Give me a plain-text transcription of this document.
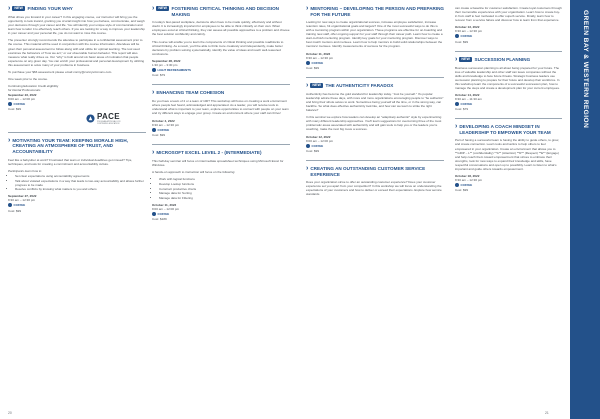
›	NEW FINDING YOUR WHY

What drives you forward in your career? In this engaging course, our instructor will bring you the opportunity to look inward, granting you crucial insight into how you behave, communicate, and weigh your decisions through your career and life. You will identify your unique style of communication and learn how to tailor it to effectively reach others. If you are looking for a way to improve your leadership in your career and your personal life, you do not want to miss this course.

The presenter strongly recommends the attendee to participate in a confidential assessment prior to the course. This material will be used in conjunction with the course information. Attendees will be given their personal assessment to follow along with and utilize for optimal learning. The tool used examines the behaviors of "how we act," or our observable human behavior. This report will also measure what really drives us. Our "why" is built around six basic areas of motivation that people experience on any given day. You can enrich your professional and personal development by utilizing this assessment to solve many of your problems in business.

To purchase your $66 assessment please email conny@connysimmons.com.

One week prior to the course.

Continuing Education Credit eligibility
for Dental Professionals
September 23, 2022
8:00 am – 12:00 pm
COFFEE
Cost: $99
PACE
PROGRAM APPROVAL FOR
CONTINUING EDUCATION
› MOTIVATING YOUR TEAM: KEEPING MORALE HIGH, CREATING AN ATMOSPHERE OF TRUST, AND ACCOUNTABILITY

Feel like a babysitter at work? Frustrated that team or individual deadlines get missed? Tips, techniques, and tools for creating a commitment and accountability culture.

Participants learn how to
• Set clear expectations using accountability agreements
• Talk about violated expectations in a way that leads to two-way accountability and allows further progress to be made
• Resolve conflicts by knowing what matters to you and others
September 27, 2022
8:30 am – 12:30 pm
COFFEE
Cost: $99
›	NEW FOSTERING CRITICAL THINKING AND DECISION MAKING

In today's fast-paced workplace, decisions often have to be made quickly, effectively and without doubt. It is increasingly important for employees to be able to think critically on their own. When employees excel at critical thinking, they can assess all possible approaches to a problem and choose the best solution confidently and calmly.

This course will enable you to learn the components of critical thinking and possible roadblocks to critical thinking. As a result, you'll be able to think more creatively and independently, make better decisions by problem solving systematically, identify the value of ideas and reach well-reasoned conclusions.

September 28, 2022
1:30 pm – 3:30 pm
LIGHT REFRESHMENTS
Cost: $79
› ENHANCING TEAM COHESION

Do you have a team of 2 or a team of 100? This workshop will focus on creating a work environment where people feel heard, acknowledged and appreciated. As a leader, you will receive tools to understand what is important to your team, explore opportunities to connect with people on your team and try different ways to engage your group. Create an environment where your staff can thrive!

October 4, 2022
8:30 am – 12:30 pm
COFFEE
Cost: $99
› MICROSOFT EXCEL LEVEL 2 - (INTERMEDIATE)

This half-day seminar will focus on intermediate spreadsheet techniques using Microsoft Excel for Windows.

A hands-on approach to instruction will focus on the following:

• Work with logical functions
• Develop Lookup functions
• Construct productive charts
• Manage data for Sorting
• Manage data for Filtering
October 11, 2022
8:00 am – 12:00 pm
COFFEE
Cost: $189
› MENTORING – DEVELOPING THE PERSON AND PREPARING FOR THE FUTURE

Looking for new ways to create organizational success, increase employee satisfaction, increase retention rates, hit organizational goals and targets? One of the most successful ways to do this is with a mentoring program within your organization. These programs are effective for on-boarding and training new staff, offer ongoing support for your staff through their career path. Learn how to create a start-to-finish mentoring program. Identify key goals for your mentoring program. Discover ways to best match mentors and mentees. Learn how to help mentors to build solid relationships between the mentors/ mentees. Identify measurements of success for the program.

October 11, 2022
8:30 am – 12:30 pm
COFFEE
Cost: $99
›	NEW THE AUTHENTICITY PARADOX

Authenticity has become the gold standard for leadership today. "Just be yourself." It's popular leadership advice these days, with more and more organizations encouraging people to "be authentic" and bring their whole selves to work. Sometimes being yourself all the time, or in the wrong way, can backfire. So what does effective authenticity look like, and how can we learn to strike the right balance?

In this seminar we explore how leaders can develop an "adaptively authentic" style by experimenting with many different leadership approaches. You'll learn suggestions for overcoming three of the most problematic areas associated with authenticity and will gain tools to help you or the leaders you're coaching, make the next big move a success.

October 12, 2022
8:00 am – 12:00 pm
COFFEE
Cost: $99
› CREATING AN OUTSTANDING CUSTOMER SERVICE EXPERIENCE

Does your organization strive to offer an outstanding customer experience? Does your customer experience set you apart from your competition? In this workshop we will focus on understanding the expectations of your customers and how to deliver or exceed their expectations. Explore how service standards

can create a baseline for customer satisfaction. Create loyal customers through their memorable experiences with your organization. Learn how to create buy-in from staff to feel motivated to offer superb service. Finally, learn how to recover from a service failure and discover how to learn from that experience.

October 13, 2022
8:30 am – 12:30 pm
COFFEE
Cost: $99
›	NEW SUCCESSION PLANNING

Business succession planning is all about being prepared for your future. The loss of valuable leadership and other staff can leave companies without the skills and knowledge to face future threats. Strategic business leaders use succession planning to prepare for their future and develop their workforce. In this workshop learn the components of a successful succession plan, how to manage the steps and create a development plan for your current employees.

October 14, 2022
8:30 am – 11:30 am
COFFEE
Cost: $79
› DEVELOPING A COACH MINDSET IN LEADERSHIP TO EMPOWER YOUR TEAM

Part of having a successful team is having the ability to guide others, to grow, and create connection. Learn tools and tactics to help others to feel empowered in your organization. Create an environment that allows you to **GRIP – L** (confidentiality) **A** (Attention) **R** (Respect) **E** (Engage) and help coach them toward empowerment that strives to embrace their strengths, look for new ways to expand their knowledge and skills, have respectful conversations and open up to possibility. Learn to listen to what's important and guide others towards empowerment.

October 18, 2022
8:30 am – 12:30 pm
COFFEE
Cost: $99
GREEN BAY & WESTERN REGION
20	21
